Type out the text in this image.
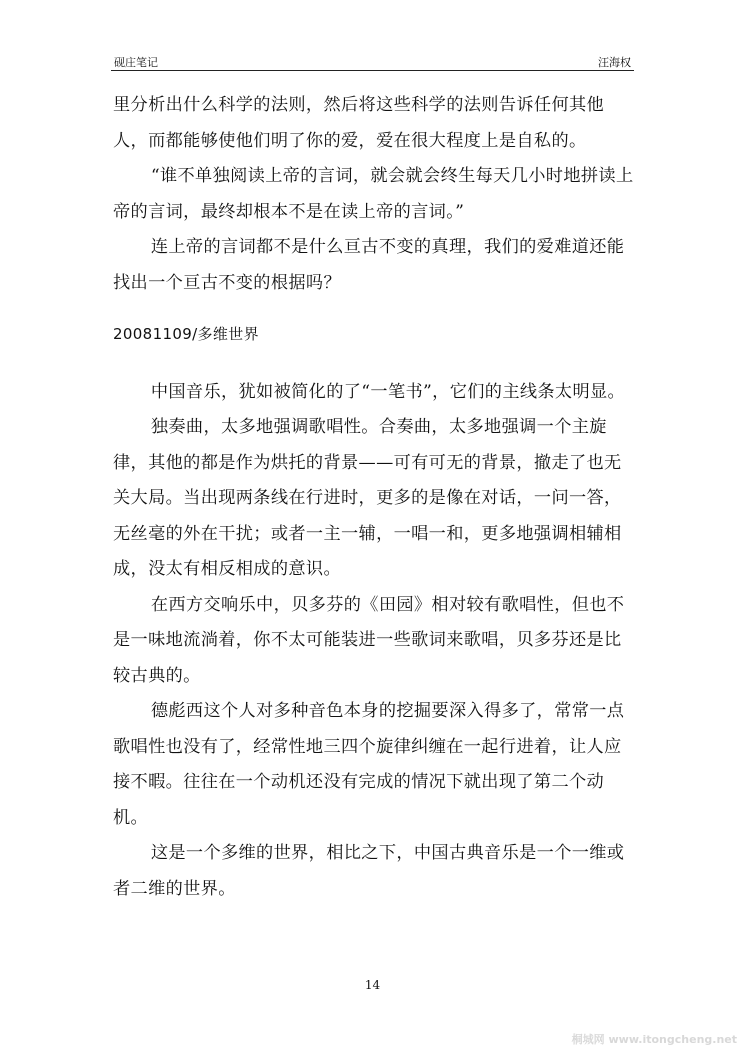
砚庄笔记	汪海权

里分析出什么科学的法则，然后将这些科学的法则告诉任何其他人，而都能够使他们明了你的爱，爱在很大程度上是自私的。

“谁不单独阅读上帝的言词，就会就会终生每天几小时地拼读上帝的言词，最终却根本不是在读上帝的言词。”

连上帝的言词都不是什么亘古不变的真理，我们的爱难道还能找出一个亘古不变的根据吗？

20081109/多维世界

中国音乐，犹如被简化的了“一笔书”，它们的主线条太明显。

独奏曲，太多地强调歌唱性。合奏曲，太多地强调一个主旋律，其他的都是作为烘托的背景——可有可无的背景，撤走了也无关大局。当出现两条线在行进时，更多的是像在对话，一问一答，无丝毫的外在干扰；或者一主一辅，一唱一和，更多地强调相辅相成，没太有相反相成的意识。

在西方交响乐中，贝多芬的《田园》相对较有歌唱性，但也不是一味地流淌着，你不太可能装进一些歌词来歌唱，贝多芬还是比较古典的。

德彪西这个人对多种音色本身的挖掘要深入得多了，常常一点歌唱性也没有了，经常性地三四个旋律纠缠在一起行进着，让人应接不暇。往往在一个动机还没有完成的情况下就出现了第二个动机。

这是一个多维的世界，相比之下，中国古典音乐是一个一维或者二维的世界。

14
桐城网 www.itongcheng.net
